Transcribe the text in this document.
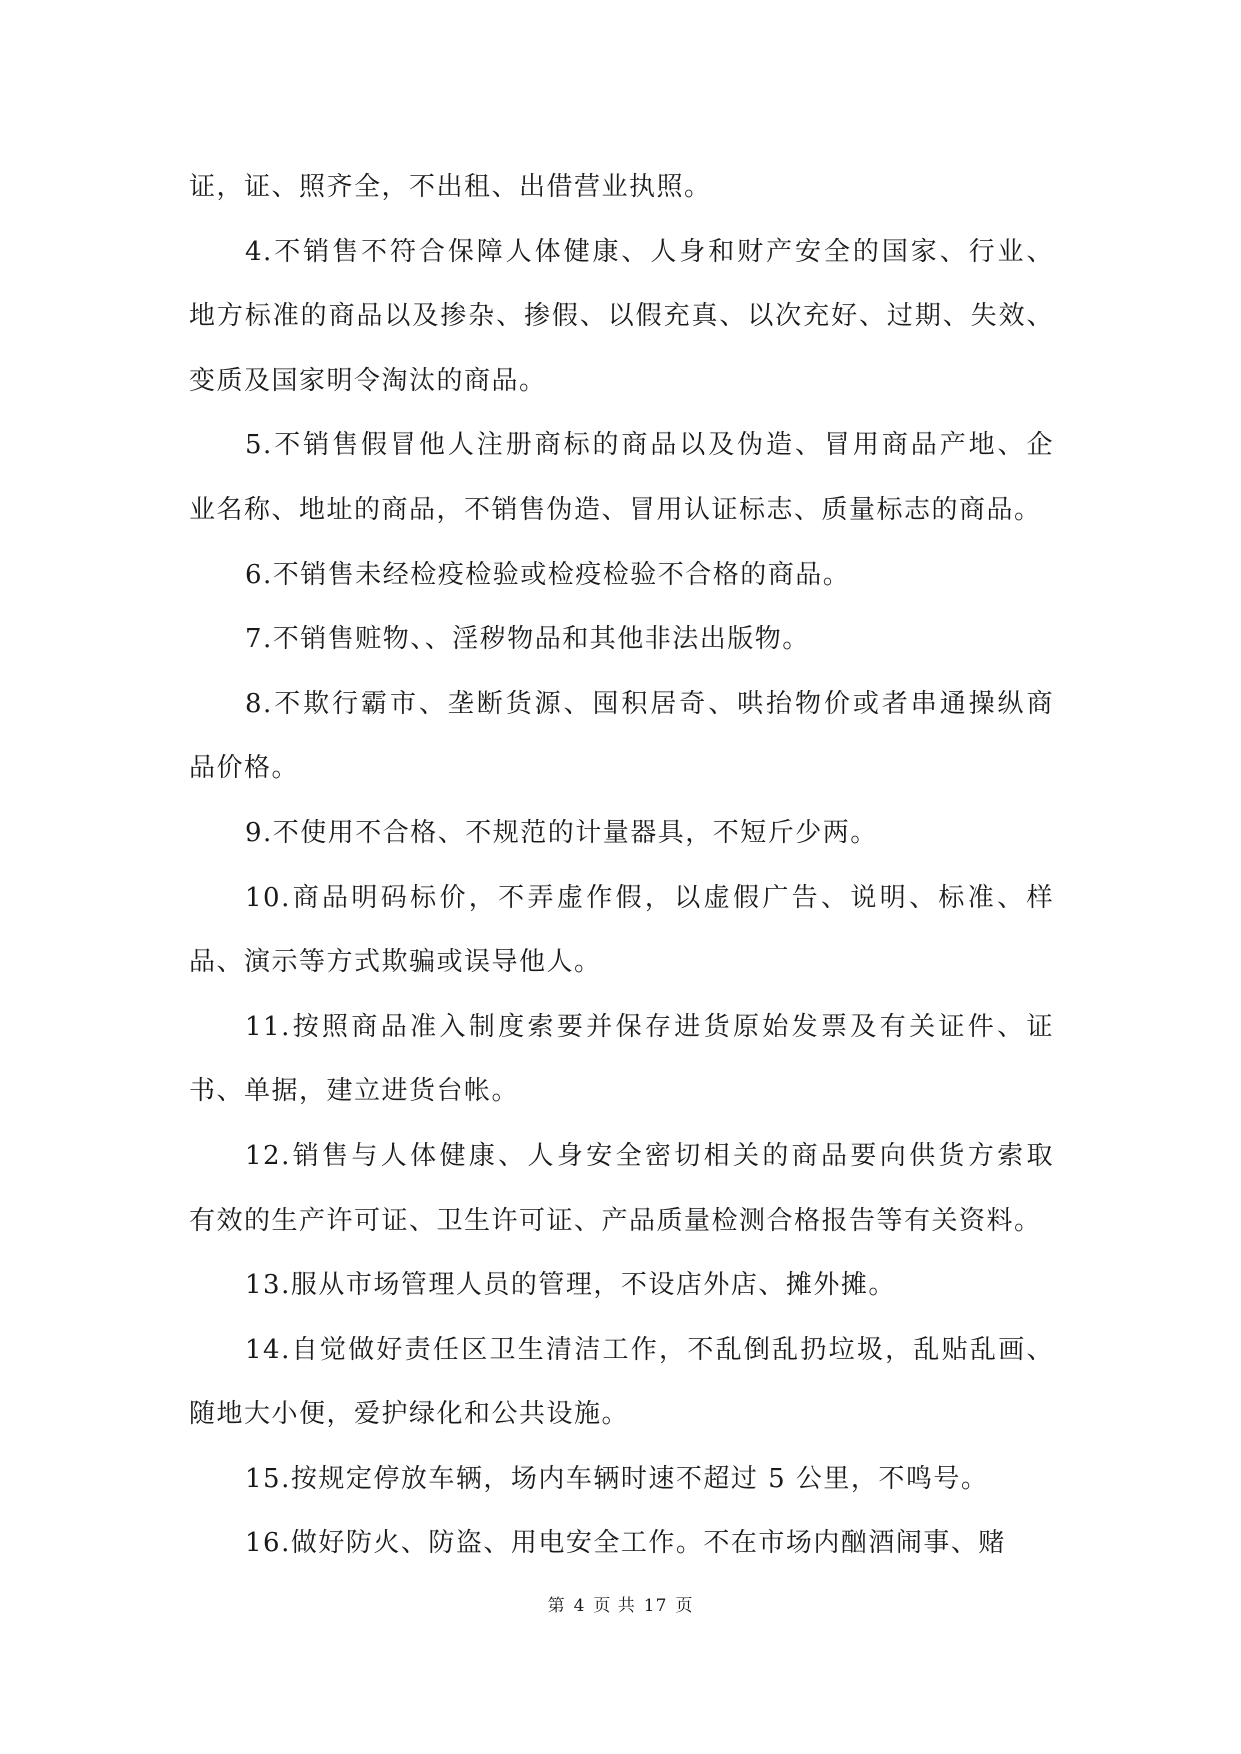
证，证、照齐全，不出租、出借营业执照。
4.不销售不符合保障人体健康、人身和财产安全的国家、行业、
地方标准的商品以及掺杂、掺假、以假充真、以次充好、过期、失效、
变质及国家明令淘汰的商品。
5.不销售假冒他人注册商标的商品以及伪造、冒用商品产地、企
业名称、地址的商品，不销售伪造、冒用认证标志、质量标志的商品。
6.不销售未经检疫检验或检疫检验不合格的商品。
7.不销售赃物、、淫秽物品和其他非法出版物。
8.不欺行霸市、垄断货源、囤积居奇、哄抬物价或者串通操纵商
品价格。
9.不使用不合格、不规范的计量器具，不短斤少两。
10.商品明码标价，不弄虚作假，以虚假广告、说明、标准、样
品、演示等方式欺骗或误导他人。
11.按照商品准入制度索要并保存进货原始发票及有关证件、证
书、单据，建立进货台帐。
12.销售与人体健康、人身安全密切相关的商品要向供货方索取
有效的生产许可证、卫生许可证、产品质量检测合格报告等有关资料。
13.服从市场管理人员的管理，不设店外店、摊外摊。
14.自觉做好责任区卫生清洁工作，不乱倒乱扔垃圾，乱贴乱画、
随地大小便，爱护绿化和公共设施。
15.按规定停放车辆，场内车辆时速不超过 5 公里，不鸣号。
16.做好防火、防盗、用电安全工作。不在市场内酗酒闹事、赌
第 4 页 共 17 页
